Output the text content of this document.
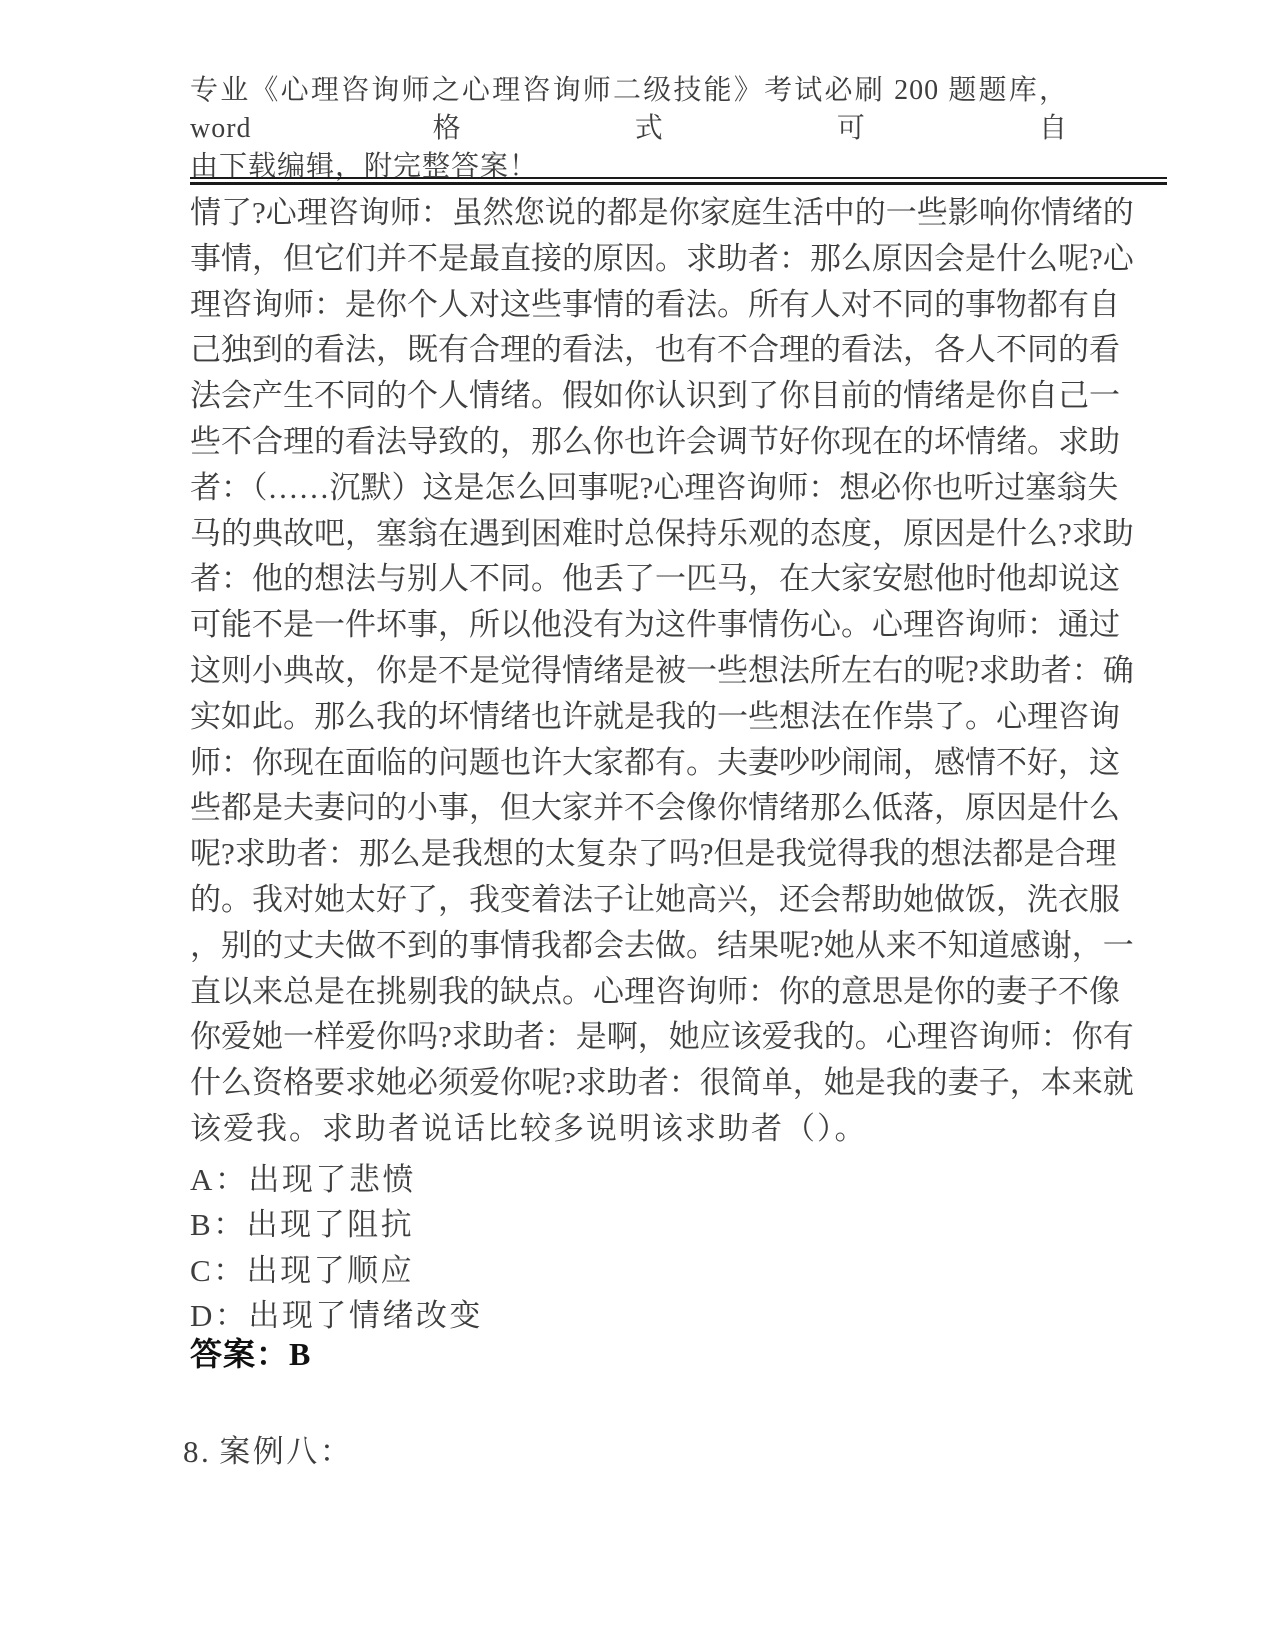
专业《心理咨询师之心理咨询师二级技能》考试必刷 200 题题库，word 格式可自
由下载编辑，附完整答案！
情了?心理咨询师：虽然您说的都是你家庭生活中的一些影响你情绪的
事情，但它们并不是最直接的原因。求助者：那么原因会是什么呢?心
理咨询师：是你个人对这些事情的看法。所有人对不同的事物都有自
己独到的看法，既有合理的看法，也有不合理的看法，各人不同的看
法会产生不同的个人情绪。假如你认识到了你目前的情绪是你自己一
些不合理的看法导致的，那么你也许会调节好你现在的坏情绪。求助
者：（……沉默）这是怎么回事呢?心理咨询师：想必你也听过塞翁失
马的典故吧，塞翁在遇到困难时总保持乐观的态度，原因是什么?求助
者：他的想法与别人不同。他丢了一匹马，在大家安慰他时他却说这
可能不是一件坏事，所以他没有为这件事情伤心。心理咨询师：通过
这则小典故，你是不是觉得情绪是被一些想法所左右的呢?求助者：确
实如此。那么我的坏情绪也许就是我的一些想法在作祟了。心理咨询
师：你现在面临的问题也许大家都有。夫妻吵吵闹闹，感情不好，这
些都是夫妻问的小事，但大家并不会像你情绪那么低落，原因是什么
呢?求助者：那么是我想的太复杂了吗?但是我觉得我的想法都是合理
的。我对她太好了，我变着法子让她高兴，还会帮助她做饭，洗衣服
，别的丈夫做不到的事情我都会去做。结果呢?她从来不知道感谢，一
直以来总是在挑剔我的缺点。心理咨询师：你的意思是你的妻子不像
你爱她一样爱你吗?求助者：是啊，她应该爱我的。心理咨询师：你有
什么资格要求她必须爱你呢?求助者：很简单，她是我的妻子，本来就
该爱我。求助者说话比较多说明该求助者（）。
A：出现了悲愤
B：出现了阻抗
C：出现了顺应
D：出现了情绪改变
答案：B
8. 案例八：
